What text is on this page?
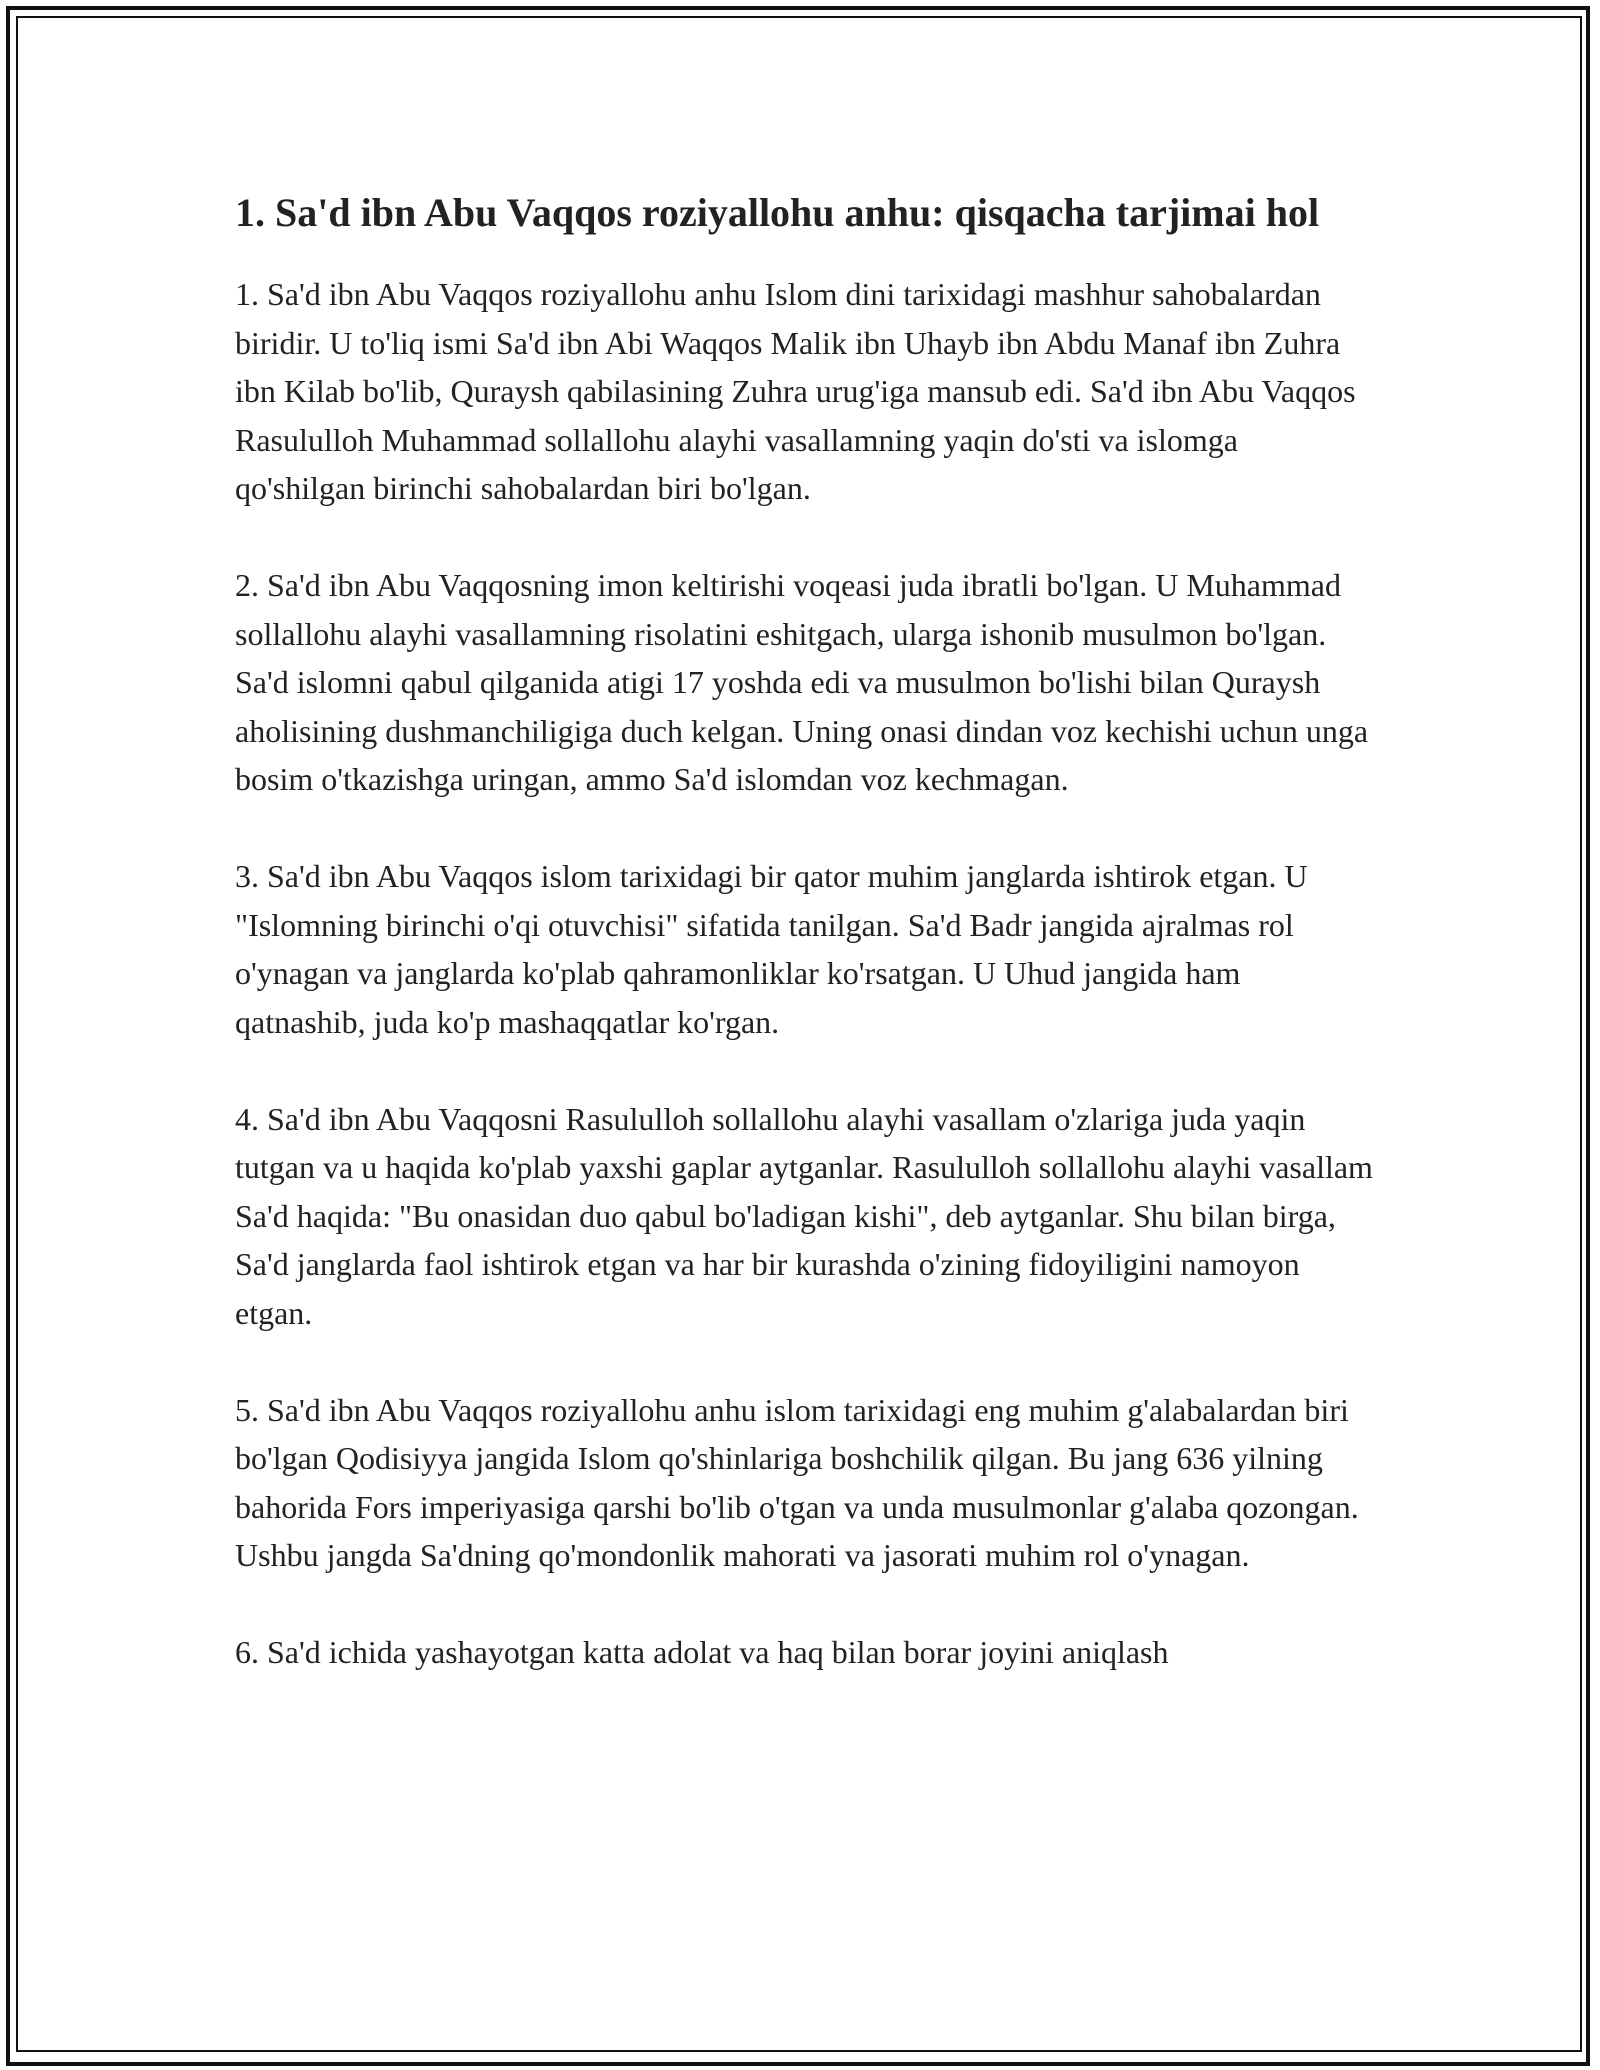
1. Sa'd ibn Abu Vaqqos roziyallohu anhu: qisqacha tarjimai hol

1. Sa'd ibn Abu Vaqqos roziyallohu anhu Islom dini tarixidagi mashhur sahobalardan biridir. U to'liq ismi Sa'd ibn Abi Waqqos Malik ibn Uhayb ibn Abdu Manaf ibn Zuhra ibn Kilab bo'lib, Quraysh qabilasining Zuhra urug'iga mansub edi. Sa'd ibn Abu Vaqqos Rasululloh Muhammad sollallohu alayhi vasallamning yaqin do'sti va islomga qo'shilgan birinchi sahobalardan biri bo'lgan.

2. Sa'd ibn Abu Vaqqosning imon keltirishi voqeasi juda ibratli bo'lgan. U Muhammad sollallohu alayhi vasallamning risolatini eshitgach, ularga ishonib musulmon bo'lgan. Sa'd islomni qabul qilganida atigi 17 yoshda edi va musulmon bo'lishi bilan Quraysh aholisining dushmanchiligiga duch kelgan. Uning onasi dindan voz kechishi uchun unga bosim o'tkazishga uringan, ammo Sa'd islomdan voz kechmagan.

3. Sa'd ibn Abu Vaqqos islom tarixidagi bir qator muhim janglarda ishtirok etgan. U "Islomning birinchi o'qi otuvchisi" sifatida tanilgan. Sa'd Badr jangida ajralmas rol o'ynagan va janglarda ko'plab qahramonliklar ko'rsatgan. U Uhud jangida ham qatnashib, juda ko'p mashaqqatlar ko'rgan.

4. Sa'd ibn Abu Vaqqosni Rasululloh sollallohu alayhi vasallam o'zlariga juda yaqin tutgan va u haqida ko'plab yaxshi gaplar aytganlar. Rasululloh sollallohu alayhi vasallam Sa'd haqida: "Bu onasidan duo qabul bo'ladigan kishi", deb aytganlar. Shu bilan birga, Sa'd janglarda faol ishtirok etgan va har bir kurashda o'zining fidoyiligini namoyon etgan.

5. Sa'd ibn Abu Vaqqos roziyallohu anhu islom tarixidagi eng muhim g'alabalardan biri bo'lgan Qodisiyya jangida Islom qo'shinlariga boshchilik qilgan. Bu jang 636 yilning bahorida Fors imperiyasiga qarshi bo'lib o'tgan va unda musulmonlar g'alaba qozongan. Ushbu jangda Sa'dning qo'mondonlik mahorati va jasorati muhim rol o'ynagan.

6. Sa'd ichida yashayotgan katta adolat va haq bilan borar joyini aniqlash
